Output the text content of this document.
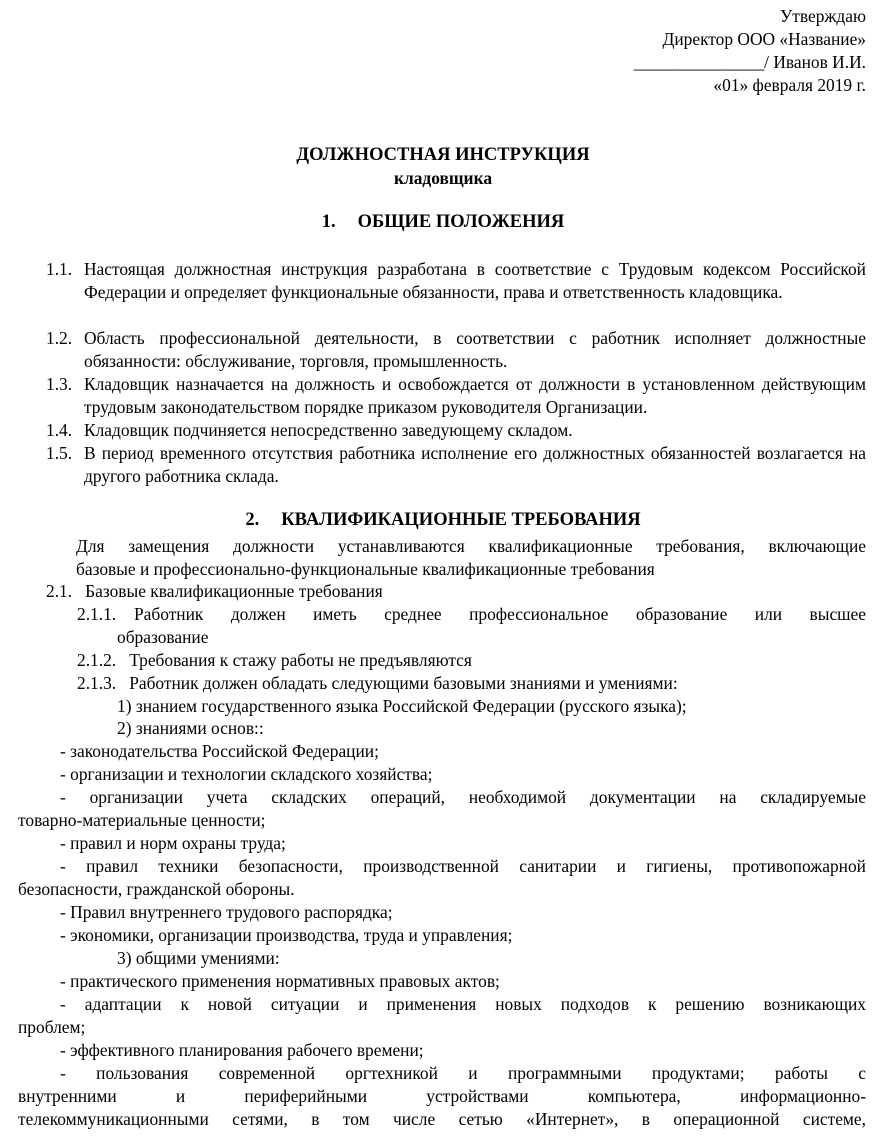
Утверждаю
Директор ООО «Название»
_______________/ Иванов И.И.
«01» февраля 2019 г.
ДОЛЖНОСТНАЯ ИНСТРУКЦИЯ
кладовщика
1. ОБЩИЕ ПОЛОЖЕНИЯ
1.1. Настоящая должностная инструкция разработана в соответствие с Трудовым кодексом Российской Федерации и определяет функциональные обязанности, права и ответственность кладовщика.
1.2. Область профессиональной деятельности, в соответствии с работник исполняет должностные обязанности: обслуживание, торговля, промышленность.
1.3. Кладовщик назначается на должность и освобождается от должности в установленном действующим трудовым законодательством порядке приказом руководителя Организации.
1.4. Кладовщик подчиняется непосредственно заведующему складом.
1.5. В период временного отсутствия работника исполнение его должностных обязанностей возлагается на другого работника склада.
2. КВАЛИФИКАЦИОННЫЕ ТРЕБОВАНИЯ
Для замещения должности устанавливаются квалификационные требования, включающие
базовые и профессионально-функциональные квалификационные требования
2.1. Базовые квалификационные требования
2.1.1. Работник должен иметь среднее профессиональное образование или высшее
образование
2.1.2. Требования к стажу работы не предъявляются
2.1.3. Работник должен обладать следующими базовыми знаниями и умениями:
1) знанием государственного языка Российской Федерации (русского языка);
2) знаниями основ::
- законодательства Российской Федерации;
- организации и технологии складского хозяйства;
- организации учета складских операций, необходимой документации на складируемые
товарно-материальные ценности;
- правил и норм охраны труда;
- правил техники безопасности, производственной санитарии и гигиены, противопожарной
безопасности, гражданской обороны.
- Правил внутреннего трудового распорядка;
- экономики, организации производства, труда и управления;
3) общими умениями:
- практического применения нормативных правовых актов;
- адаптации к новой ситуации и применения новых подходов к решению возникающих
проблем;
- эффективного планирования рабочего времени;
- пользования современной оргтехникой и программными продуктами; работы с
внутренними и периферийными устройствами компьютера, информационно-
телекоммуникационными сетями, в том числе сетью «Интернет», в операционной системе,
